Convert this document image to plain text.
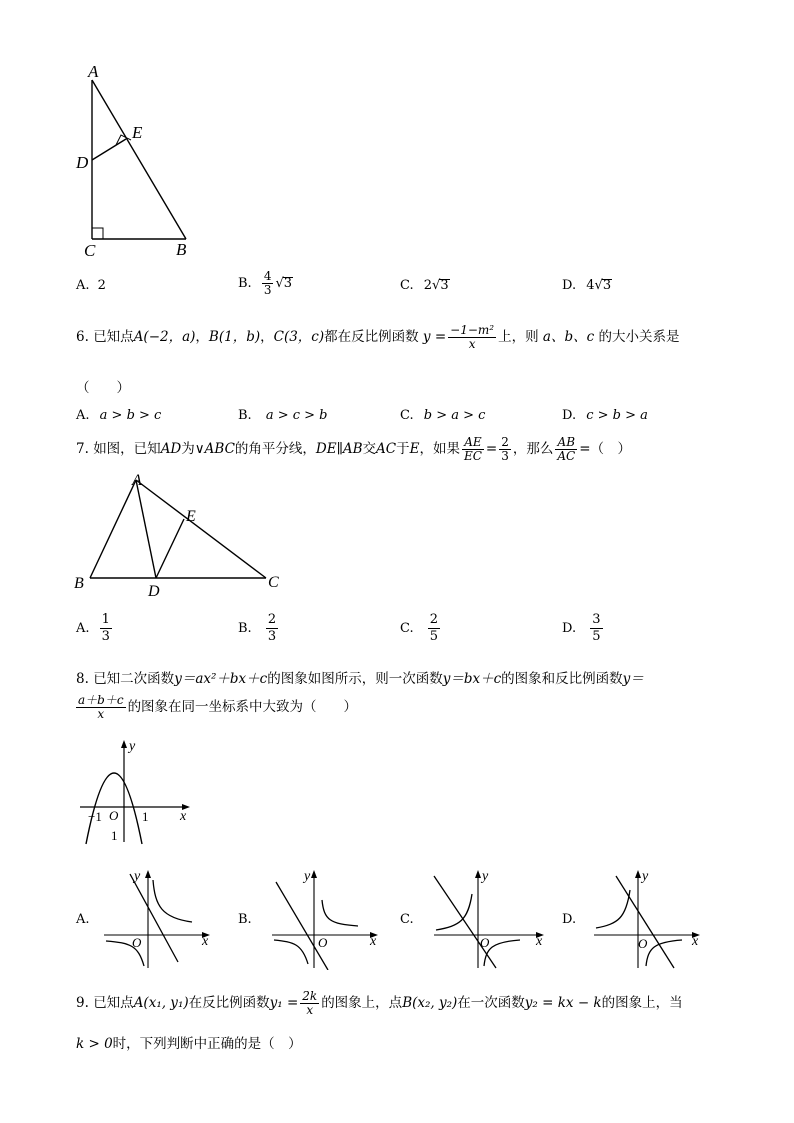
A
E
D
C	B
A. 2	B. $\frac{4}{3} √3$	C. 2√3	D. 4√3
6. 已知点A(−2，a)，B(1，b)，C(3，c)都在反比例函数 $y = \frac{\text{−1−m²}}{x}$ 上，则 a、b、c 的大小关系是
（　　）
A. a > b > c	B. a > c > b	C. b > a > c	D. c > b > a
7. 如图，已知AD为∨ABC的角平分线，DE∥AB交AC于E，如果 $\frac{AE}{EC} = \frac{2}{3}$ ，那么 $\frac{AB}{AC}$ =（　）
A
E
B	D
C
A. $\frac{1}{3}$	B. $\frac{2}{3}$	C. $\frac{2}{5}$	D. $\frac{3}{5}$
8. 已知二次函数y＝ax²＋bx＋c的图象如图所示，则一次函数y＝bx＋c的图象和反比例函数y＝
$\frac{a+b+c}{x}$ 的图象在同一坐标系中大致为（　　）
y
x
O
−1	1
1
A.
y
x
O
B.
y
x
O
C.
y
x
O
D.
y
x
O
9. 已知点A(x₁, y₁)在反比例函数$y_1 = \frac{2k}{x}$ 的图象上，点B(x₂, y₂)在一次函数y₂ = kx − k的图象上，当
k > 0时，下列判断中正确的是（　）
